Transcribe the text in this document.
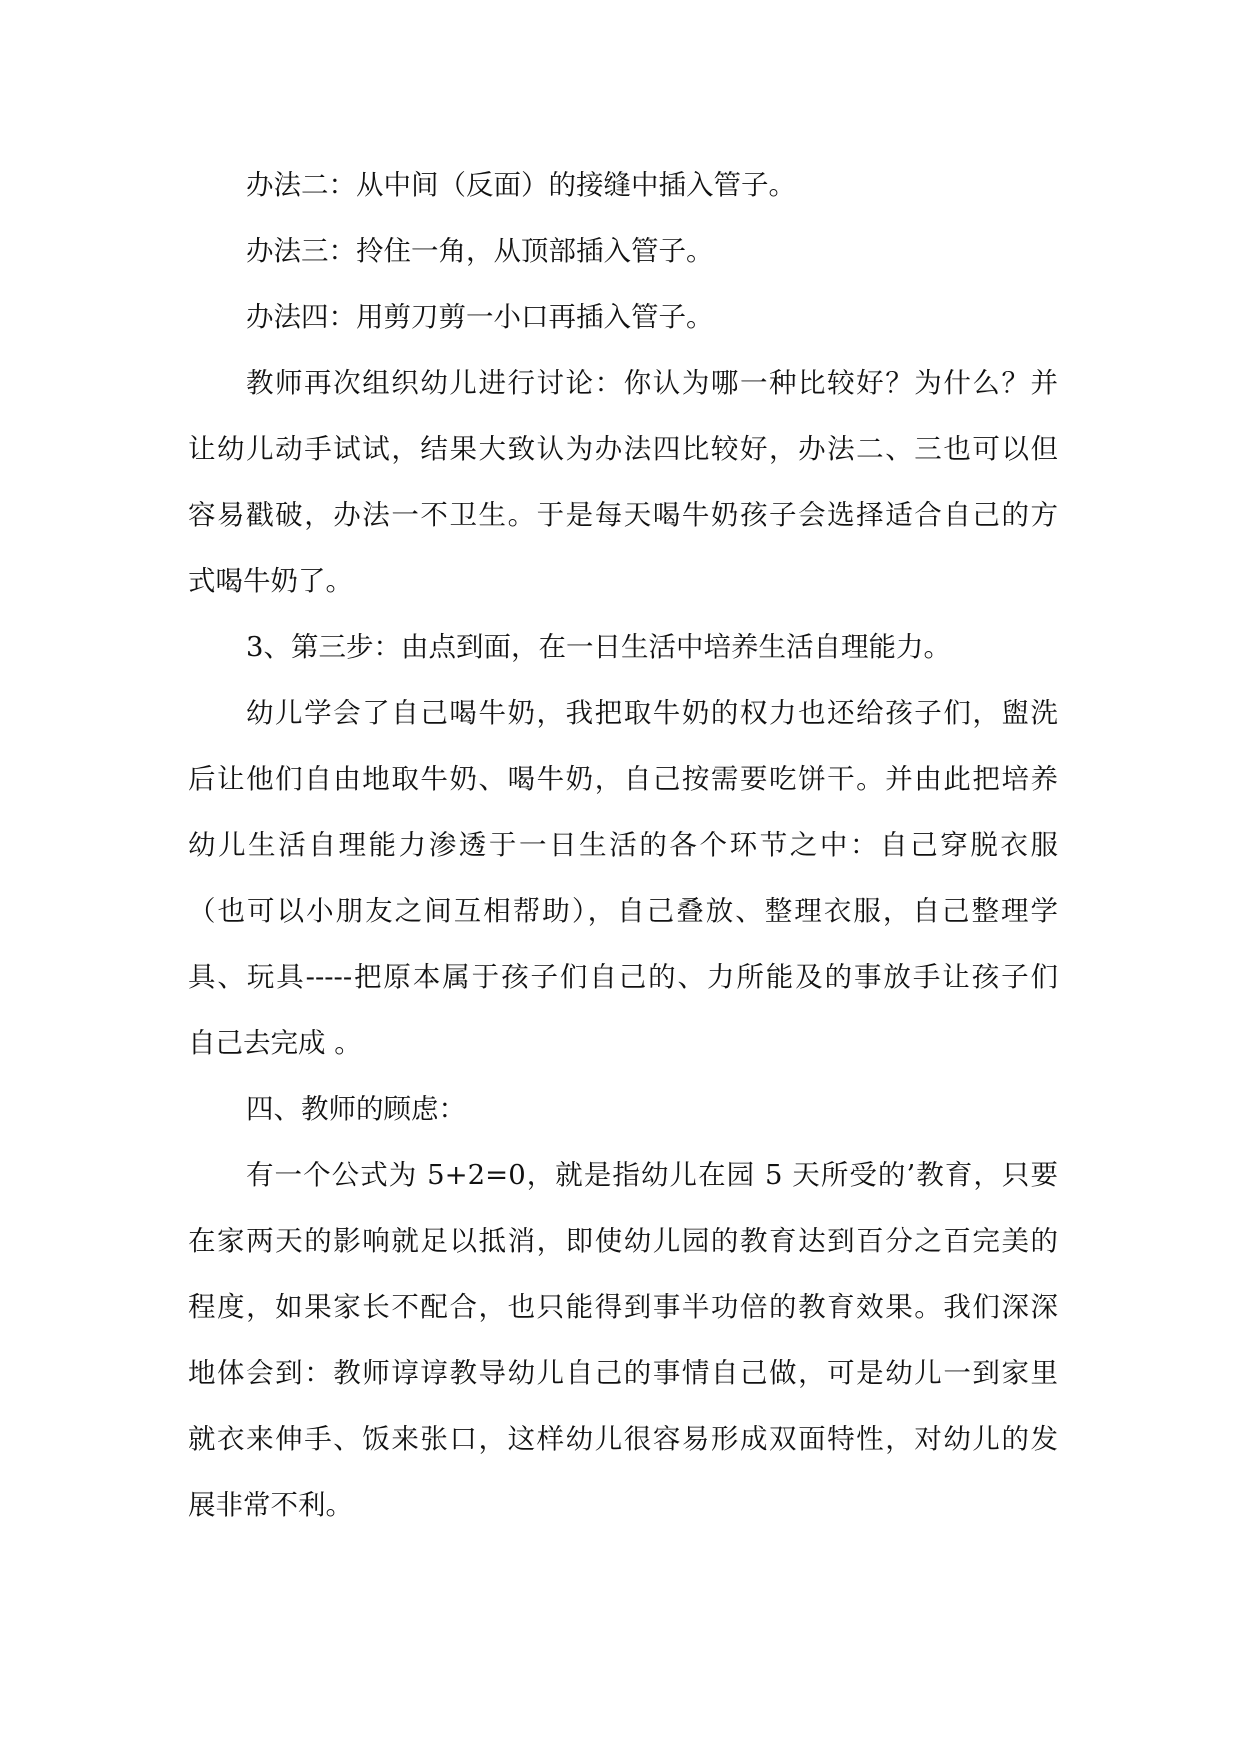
办法二：从中间（反面）的接缝中插入管子。
办法三：拎住一角，从顶部插入管子。
办法四：用剪刀剪一小口再插入管子。
教师再次组织幼儿进行讨论：你认为哪一种比较好？为什么？并
让幼儿动手试试，结果大致认为办法四比较好，办法二、三也可以但
容易戳破，办法一不卫生。于是每天喝牛奶孩子会选择适合自己的方
式喝牛奶了。
3、第三步：由点到面，在一日生活中培养生活自理能力。
幼儿学会了自己喝牛奶，我把取牛奶的权力也还给孩子们，盥洗
后让他们自由地取牛奶、喝牛奶，自己按需要吃饼干。并由此把培养
幼儿生活自理能力渗透于一日生活的各个环节之中：自己穿脱衣服
（也可以小朋友之间互相帮助），自己叠放、整理衣服，自己整理学
具、玩具-----把原本属于孩子们自己的、力所能及的事放手让孩子们
自己去完成 。
四、教师的顾虑：
有一个公式为 5+2=0，就是指幼儿在园 5 天所受的’教育，只要
在家两天的影响就足以抵消，即使幼儿园的教育达到百分之百完美的
程度，如果家长不配合，也只能得到事半功倍的教育效果。我们深深
地体会到：教师谆谆教导幼儿自己的事情自己做，可是幼儿一到家里
就衣来伸手、饭来张口，这样幼儿很容易形成双面特性，对幼儿的发
展非常不利。
